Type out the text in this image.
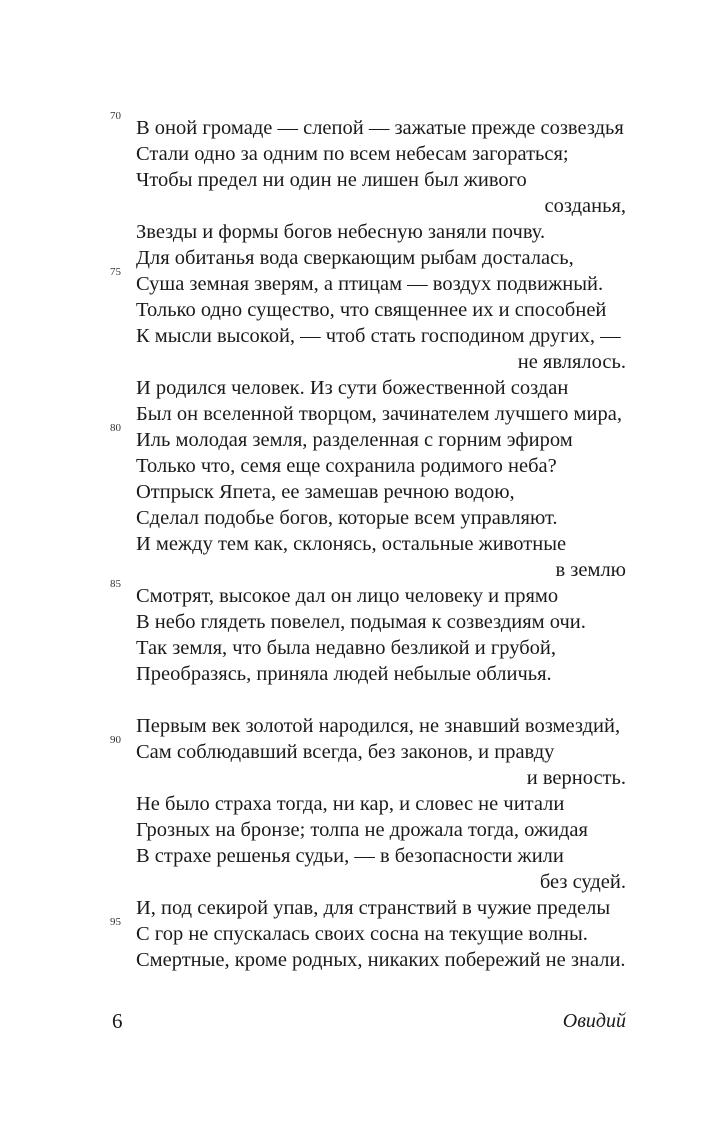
70
В оной громаде — слепой — зажатые прежде созвездья
Стали одно за одним по всем небесам загораться;
Чтобы предел ни один не лишен был живого
созданья,
Звезды и формы богов небесную заняли почву.
Для обитанья вода сверкающим рыбам досталась,
75
Суша земная зверям, а птицам — воздух подвижный.
Только одно существо, что священнее их и способней
К мысли высокой, — чтоб стать господином других, —
не являлось.
И родился человек. Из сути божественной создан
Был он вселенной творцом, зачинателем лучшего мира,
80
Иль молодая земля, разделенная с горним эфиром
Только что, семя еще сохранила родимого неба?
Отпрыск Япета, ее замешав речною водою,
Сделал подобье богов, которые всем управляют.
И между тем как, склонясь, остальные животные
в землю
85
Смотрят, высокое дал он лицо человеку и прямо
В небо глядеть повелел, подымая к созвездиям очи.
Так земля, что была недавно безликой и грубой,
Преобразясь, приняла людей небылые обличья.
Первым век золотой народился, не знавший возмездий,
90
Сам соблюдавший всегда, без законов, и правду
и верность.
Не было страха тогда, ни кар, и словес не читали
Грозных на бронзе; толпа не дрожала тогда, ожидая
В страхе решенья судьи, — в безопасности жили
без судей.
И, под секирой упав, для странствий в чужие пределы
95
С гор не спускалась своих сосна на текущие волны.
Смертные, кроме родных, никаких побережий не знали.
6	Овидий
